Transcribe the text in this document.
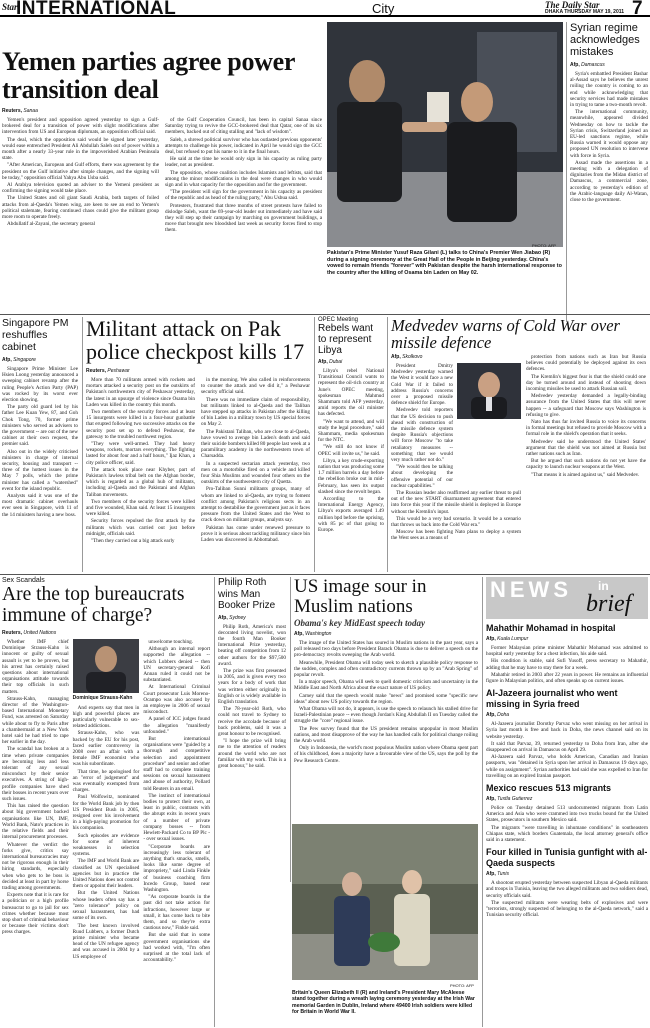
Star
INTERNATIONAL	City	The Daily Star
DHAKA THURSDAY MAY 19, 2011 7
Yemen parties agree power transition deal
Reuters, Sanaa

Yemen's president and opposition agreed yesterday to sign a Gulf-brokered deal for a transition of power with slight modifications after intervention from US and European diplomats, an opposition official said.

The deal, which the opposition said would be signed later yesterday, would ease entrenched President Ali Abdullah Saleh out of power within a month after a nearly 33-year rule in the impoverished Arabian Peninsula state.

"After American, European and Gulf efforts, there was agreement by the president on the Gulf initiative after simple changes, and the signing will be today," opposition official Yahya Abu Usba said.

Al Arabiya television quoted an adviser to the Yemeni president as confirming the signing would take place.

The United States and oil giant Saudi Arabia, both targets of foiled attacks from al-Qaeda's Yemen wing, are keen to see an end to Yemen's political stalemate, fearing continued chaos could give the militant group more room to operate freely.

Abdullatif al-Zayani, the secretary general

of the Gulf Cooperation Council, has been in capital Sanaa since Saturday trying to revive the GCC-brokered deal that Qatar, one of its six members, backed out of citing stalling and "lack of wisdom".

Saleh, a shrewd political survivor who has outlasted previous opponents' attempts to challenge his power, indicated in April he would sign the GCC deal, but refused to put his name to it in the final hours.

He said at the time he would only sign in his capacity as ruling party leader, not as president.

The opposition, whose coalition includes Islamists and leftists, said that among the minor modifications in the deal were changes in who would sign and in what capacity for the opposition and for the government.

"The president will sign for the government in his capacity as president of the republic and as head of the ruling party," Abu Usbua said.

Protesters, frustrated that three months of street protests have failed to dislodge Saleh, want the 69-year-old leader out immediately and have said they will step up their campaign by marching on government buildings, a move that brought new bloodshed last week as security forces fired to stop them.

PHOTO: AFP
Pakistan's Prime Minister Yusuf Raza Gilani (L) talks to China's Premier Wen Jiabao (R) during a signing ceremony at the Great Hall of the People in Beijing yesterday. China's vowed to remain friends "forever" with Pakistan despite the harsh international response to the country after the killing of Osama bin Laden on May 02.
Syrian regime acknowledges mistakes
Afp, Damascus

Syria's embattled President Bashar al-Assad says he believes the unrest roiling the country is coming to an end while acknowledging that security services had made mistakes in trying to tame a two-month revolt.

The international community, meanwhile, appeared divided Wednesday on how to tackle the Syrian crisis, Switzerland joined an EU-led sanctions regime, while Russia warned it would oppose any proposed UN resolution to intervene with force in Syria.

Assad made the assertions in a meeting with a delegation of dignitaries from the Midan district of Damascus, a commercial zone, according to yesterday's edition of the Arabic-language daily Al-Watan, close to the government.

Singapore PM reshuffles cabinet
Afp, Singapore

Singapore Prime Minister Lee Hsien Loong yesterday announced a sweeping cabinet revamp after the ruling People's Action Party (PAP) was rocked by its worst ever election showing.

The party old guard led by his father Lee Kuan Yew, 87, and Goh Chok Tong, 70, former prime ministers who served as advisers to the government -- are out of the new cabinet at their own request, the premier said.

Also out in the widely criticised ministers in charge of internal security, housing and transport -- three of the hottest issues in the May 7 polls, which the prime minister has called a "watershed" event for the island republic.

Analysts said it was one of the most dramatic cabinet overhauls ever seen in Singapore, with 11 of the 14 ministers having a new boss.

Militant attack on Pak police checkpost kills 17
Reuters, Peshawar

More than 70 militants armed with rockets and mortars attacked a security post on the outskirts of Pakistan's northwestern city of Peshawar yesterday, the latest in an upsurge of violence since Osama bin Laden was killed in the country this month.

Two members of the security forces and at least 15 insurgents were killed in a four-hour gunbattle that erupted following two successive attacks on the security post set up to defend Peshawar, the gateway to the troubled northwest region.

"They were well-armed. They had heavy weapons, rockets, mortars everything. The fighting lasted for about four and a half hours," Ijaz Khan, a city police officer, said.

The attack took place near Khyber, part of Pakistan's lawless tribal belt on the Afghan border, which is regarded as a global hub of militants, including al-Qaeda and the Pakistani and Afghan Taliban movements.

Two members of the security forces were killed and five wounded, Khan said. At least 15 insurgents were killed.

Security forces repulsed the first attack by the militants which was carried out just before midnight, officials said.

"Then they carried out a big attack early

in the morning. We also called in reinforcements to counter the attack and we did it," a Peshawar security official said.

There was no immediate claim of responsibility, but militants linked to al-Qaeda and the Taliban have stepped up attacks in Pakistan after the killing of bin Laden in a military town by US special forces on May 2.

The Pakistani Taliban, who are close to al-Qaeda, have vowed to avenge bin Laden's death and said their suicide bombers killed 80 people last week at a paramilitary academy in the northwestern town of Charsadda.

In a suspected sectarian attack yesterday, two men on a motorbike fired on a vehicle and killed four Shia Muslims and wounded four others on the outskirts of the southwestern city of Quetta.

Pro-Taliban Sunni militants groups, many of whom are linked to al-Qaeda, are trying to foment conflict among Pakistan's religious sects in an attempt to destabilise the government just as it faces pressure from the United States and the West to crack down on militant groups, analysts say.

Pakistan has come under renewed pressure to prove it is serious about tackling militancy since bin Laden was discovered in Abbottabad.

OPEC Meeting
Rebels want to represent Libya
Afp, Dubai

Libya's rebel National Transitional Council wants to represent the oil-rich country at June's OPEC meeting, spokesman Mahmud Shammam told AFP yesterday, amid reports the oil minister has defected.

"We want to attend, and will study the legal procedure," said Shammam, media spokesman for the NTC.

"We still do not know if OPEC will invite us," he said.

Libya, a key crude-exporting nation that was producing some 1.7 million barrels a day before the rebellion broke out in mid-February, has seen its output slashed since the revolt began.

According to the International Energy Agency, Libya's exports averaged 1.49 million bpd before the uprising, with 85 pc of that going to Europe.

Medvedev warns of Cold War over missile defence
Afp, Skolkovo

President Dmitry Medvedev yesterday warned the West it would face a new Cold War if it failed to address Russia's concerns over a proposed missile defence shield for Europe.

Medvedev told reporters that the US decision to push ahead with construction of the missile defence system despite Russia's objections will force Moscow "to take retaliatory measures -- something that we would very much rather not do."

"We would then be talking about developing the offensive potential of our nuclear capabilities."

The Russian leader also reaffirmed any earlier threat to pull out of the new START disarmament agreement that entered into force this year if the missile shield is deployed in Europe without the Kremlin's input.

This would be a very bad scenario. It would be a scenario that throws us back into the Cold War era."

Moscow has been fighting Nato plans to deploy a system the West sees as a means of

protection from nations such as Iran but Russia believes could potentially be deployed against its own defences.

The Kremlin's biggest fear is that the shield could one day be turned around and instead of shooting down incoming missiles be used to attack Russian soil.

Medvedev yesterday demanded a legally-binding assurance from the United States that this will never happen -- a safeguard that Moscow says Washington is refusing to give.

Nato has thus far invited Russia to voice its concerns in formal meetings but refused to provide Moscow with a formal role in the shield's operation that it seeks.

Medvedev said he understood the United States' argument that the shield was not aimed at Russia but rather nations such as Iran.

But he argued that such nations do not yet have the capacity to launch nuclear weapons at the West.

"That means it is aimed against us," said Medvedev.

Sex Scandals
Are the top bureaucrats immune of charge?
Reuters, United Nations

Whether IMF chief Dominique Strauss-Kahn is innocent or guilty of sexual assault is yet to be proven, but his arrest has certainly raised questions about international organisations attitude towards their top officials in such matters.

Strauss-Kahn, managing director of the Washington-based International Monetary Fund, was arrested on Saturday while about to fly to Paris after a chambermaid at a New York hotel said he had tried to rape her earlier in the day.

The scandal has broken at a time when private companies are becoming less and less tolerant of any sexual misconduct by their senior executives. A string of high-profile companies have shed their bosses in recent years over such issues.

This has raised the question about big government backed organisations like UN, IMF, World Bank, Nato's practices in the relative fields and their internal procurement processes.

Whatever the verdict the forks give, critics say international bureaucracies may not be rigorous enough in their hiring standards, especially when who gets to be boss is decided at least in part by horse trading among governments.

Experts note that it is rare for a politician or a high profile bureaucrat to go to jail for sex crimes whether because most stop short of criminal behaviour or because their victims don't press charges.

Dominique Strauss-Kahn

And experts say that men in high and powerful places are particularly vulnerable to sex-related addictions.

Strauss-Kahn, who was backed by the EU for his post, faced earlier controversy in 2008 over an affair with a female IMF economist who was his subordinate.

That time, he apologised for an "error of judgement" and was eventually exempted from charges.

Paul Wolfowitz, nominated for the World Bank job by then US President Bush in 2005, resigned over his involvement in a high-paying promotion for his companion.

Such episodes are evidence for some of inherent weaknesses in selection systems.

The IMF and World Bank are classified as UN specialised agencies but in practice the United Nations does not control them or appoint their leaders.

But the United Nations whose leaders often say has a "zero tolerance" policy on sexual harassment, has had some of its own.

The best known involved Ruud Lubbers, a former Dutch prime minister who became head of the UN refugee agency and was accused in 2004 by a US employee of

unwelcome touching.

Although an internal report supported the allegation -- which Lubbers denied -- then UN secretary-general Kofi Annan ruled it could not be substantiated.

At International Criminal Court prosecutor Luis Moreno-Ocampo was also accused by an employee in 2006 of sexual misconduct.

A panel of ICC judges found the allegation "manifestly unfounded."

But international organisations were "guided by a thorough and competitive selection and appointment procedure" and senior and other staff had to complete training sessions on sexual harassment and abuse of authority, Pollard told Reuters in an email.

The instinct of international bodies to protect their own, at least in public, contrasts with the abrupt exits in recent years of a number of private company bosses -- from Hewlett-Packard Co to BP Plc -- over sexual issues.

"Corporate boards are increasingly less tolerant of anything that's smacks, smells, looks like some degree of impropriety," said Linda Finkle of business coaching firm Incedo Group, based near Washington.

"As corporate boards in the past did not take action for infractions, however large or small, it has come back to bite them, and so they're extra cautious now," Finkle said.

But she said that in some government organisations she had worked with, "I'm often surprised at the total lack of accountability."

Philip Roth wins Man Booker Prize
Afp, Sydney

Philip Roth, America's most decorated living novelist, won the fourth Man Booker International Prize yesterday, beating off competition from 12 other authors for the $97,500 award.

The prize was first presented in 2005, and is given every two years for a body of work that was written either originally in English or is widely available in English translation.

The 78-year-old Roth, who could not travel to Sydney to receive the accolade because of back problems, said it was a great honour to be recognised.

"I hope the prize will bring me to the attention of readers around the world who are not familiar with my work. This is a great honour," he said.

US image sour in Muslim nations
Obama's key MidEast speech today
Afp, Washington

The image of the United States has soured in Muslim nations in the past year, says a poll released two days before President Barack Obama is due to deliver a speech on the pro-democracy revolts sweeping the Arab world.

Meanwhile, President Obama will today seek to sketch a plausible policy response to the sudden, complex and often contradictory currents thrown up by an "Arab Spring" of popular revolt.

In a major speech, Obama will seek to quell domestic criticism and uncertainty in the Middle East and North Africa about the exact nature of US policy.

Carney said that the speech would make "news" and promised some "specific new ideas" about new US policy towards the region.

What Obama will not do, it appears, is use the speech to relaunch his stalled drive for Israeli-Palestinian peace -- even though Jordan's King Abdullah II on Tuesday called the struggle the "core" regional issue.

The Pew survey found that the US president remains unpopular in most Muslim nations, and most disapprove of the way he has handled calls for political change roiling the Arab world.

Only in Indonesia, the world's most populous Muslim nation where Obama spent part of his childhood, does a majority have a favourable view of the US, says the poll by the Pew Research Centre.

PHOTO: AFP
Britain's Queen Elizabeth II (R) and Ireland's President Mary McAleese stand together during a wreath laying ceremony yesterday at the Irish War memorial Garden in Dublin, Ireland where 49400 Irish soldiers were killed for Britain in World War II.
NEWS in
brief
Mahathir Mohamad in hospital
Afp, Kuala Lumpur

Former Malaysian prime minister Mahathir Mohamad was admitted to hospital early yesterday for a chest infection, his aide said.

His condition is stable, said Sufi Yusoff, press secretary to Mahathir, adding that he may have to stay there for a week.

Mahathir retired in 2003 after 22 years in power. He remains an influential figure in Malaysian politics, and often speaks up on current issues.

Al-Jazeera journalist who went missing in Syria freed
Afp, Doha

Al-Jazeera journalist Dorothy Parvaz who went missing on her arrival in Syria last month is free and back in Doha, the news channel said on its website yesterday.

It said that Parvaz, 39, returned yesterday to Doha from Iran, after she disappeared on arrival in Damascus on April 29.

Al-Jazeera said Parvaz, who holds American, Canadian and Iranian passports, was "detained in Syria upon her arrival in Damascus 19 days ago, while on assignment". Syrian authorities had said she was expelled to Iran for travelling on an expired Iranian passport.

Mexico rescues 513 migrants
Afp, Tuxtla Gutierrez

Police on Tuesday detained 513 undocumented migrants from Latin America and Asia who were crammed into two trucks bound for the United States, prosecutors in southern Mexico said.

The migrants "were travelling in inhumane conditions" in southeastern Chiapas state, which borders Guatemala, the local attorney general's office said in a statement.

Four killed in Tunisia gunfight with al-Qaeda suspects
Afp, Tunis

A shootout erupted yesterday between suspected Libyan al-Qaeda militants and troops in Tunisia, leaving the two alleged militants and two soldiers dead, security officials said.

The suspected militants were wearing belts of explosives and were "terrorists, strongly suspected of belonging to the al-Qaeda network," said a Tunisian security official.
